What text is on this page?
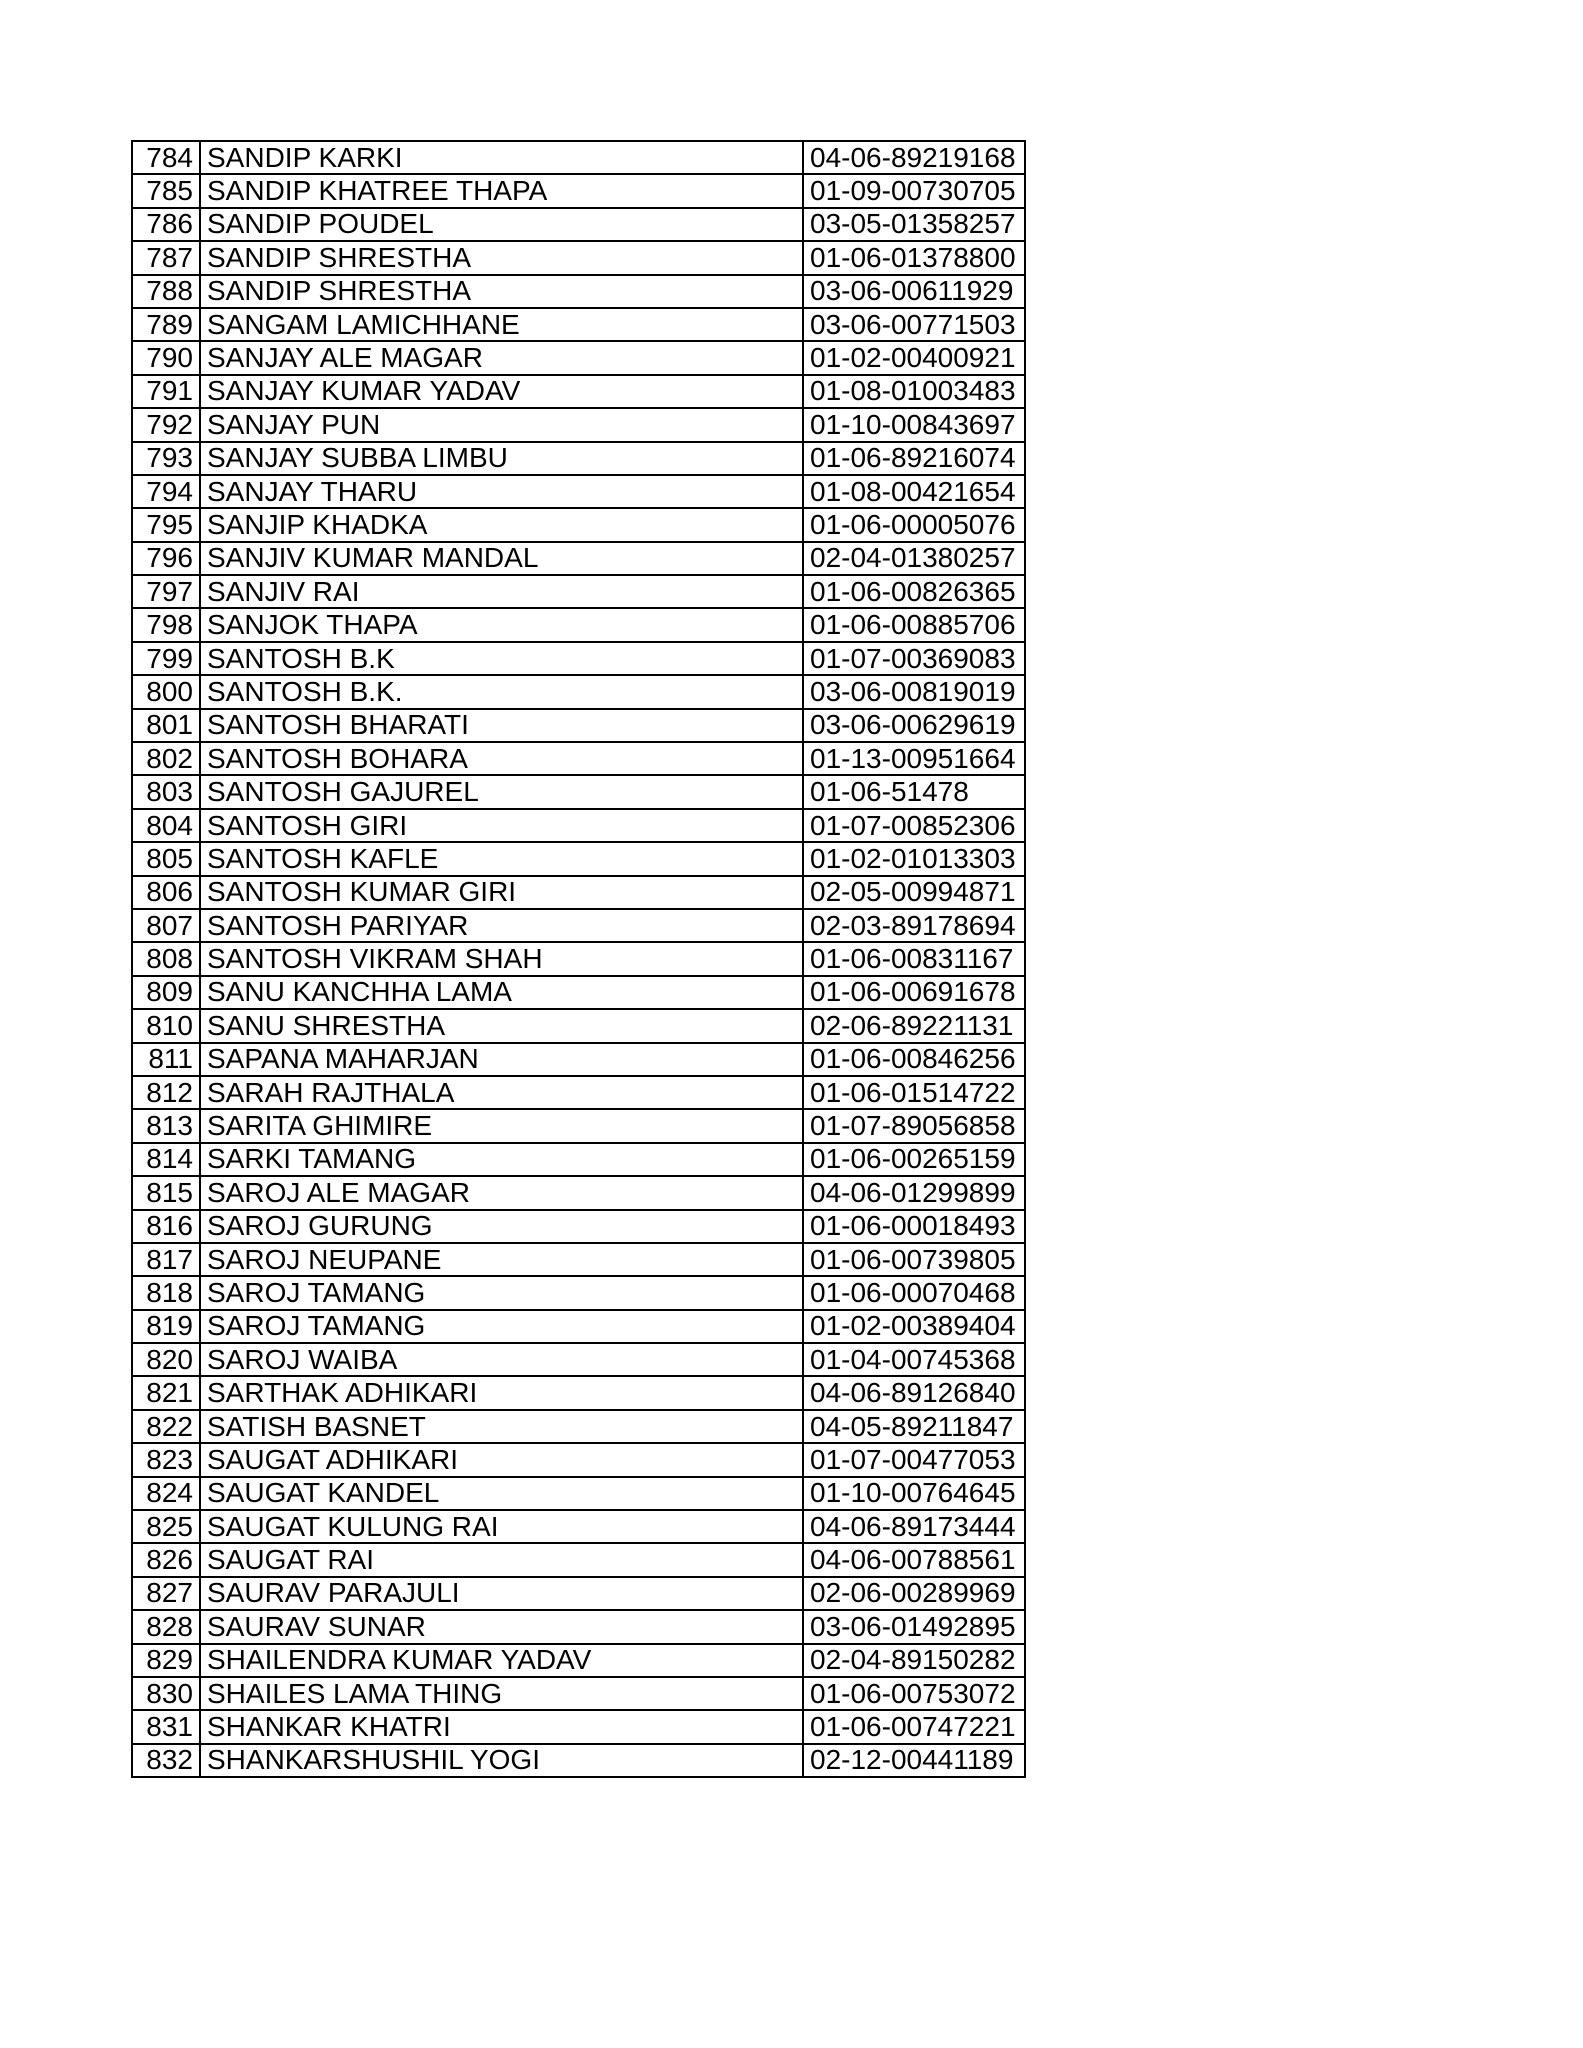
784	SANDIP KARKI	04-06-89219168
785	SANDIP KHATREE THAPA	01-09-00730705
786	SANDIP POUDEL	03-05-01358257
787	SANDIP SHRESTHA	01-06-01378800
788	SANDIP SHRESTHA	03-06-00611929
789	SANGAM LAMICHHANE	03-06-00771503
790	SANJAY ALE MAGAR	01-02-00400921
791	SANJAY KUMAR YADAV	01-08-01003483
792	SANJAY PUN	01-10-00843697
793	SANJAY SUBBA LIMBU	01-06-89216074
794	SANJAY THARU	01-08-00421654
795	SANJIP KHADKA	01-06-00005076
796	SANJIV KUMAR MANDAL	02-04-01380257
797	SANJIV RAI	01-06-00826365
798	SANJOK THAPA	01-06-00885706
799	SANTOSH B.K	01-07-00369083
800	SANTOSH B.K.	03-06-00819019
801	SANTOSH BHARATI	03-06-00629619
802	SANTOSH BOHARA	01-13-00951664
803	SANTOSH GAJUREL	01-06-51478
804	SANTOSH GIRI	01-07-00852306
805	SANTOSH KAFLE	01-02-01013303
806	SANTOSH KUMAR GIRI	02-05-00994871
807	SANTOSH PARIYAR	02-03-89178694
808	SANTOSH VIKRAM SHAH	01-06-00831167
809	SANU KANCHHA LAMA	01-06-00691678
810	SANU SHRESTHA	02-06-89221131
811	SAPANA MAHARJAN	01-06-00846256
812	SARAH RAJTHALA	01-06-01514722
813	SARITA GHIMIRE	01-07-89056858
814	SARKI TAMANG	01-06-00265159
815	SAROJ ALE MAGAR	04-06-01299899
816	SAROJ GURUNG	01-06-00018493
817	SAROJ NEUPANE	01-06-00739805
818	SAROJ TAMANG	01-06-00070468
819	SAROJ TAMANG	01-02-00389404
820	SAROJ WAIBA	01-04-00745368
821	SARTHAK ADHIKARI	04-06-89126840
822	SATISH BASNET	04-05-89211847
823	SAUGAT ADHIKARI	01-07-00477053
824	SAUGAT KANDEL	01-10-00764645
825	SAUGAT KULUNG RAI	04-06-89173444
826	SAUGAT RAI	04-06-00788561
827	SAURAV PARAJULI	02-06-00289969
828	SAURAV SUNAR	03-06-01492895
829	SHAILENDRA KUMAR YADAV	02-04-89150282
830	SHAILES LAMA THING	01-06-00753072
831	SHANKAR KHATRI	01-06-00747221
832	SHANKARSHUSHIL YOGI	02-12-00441189
